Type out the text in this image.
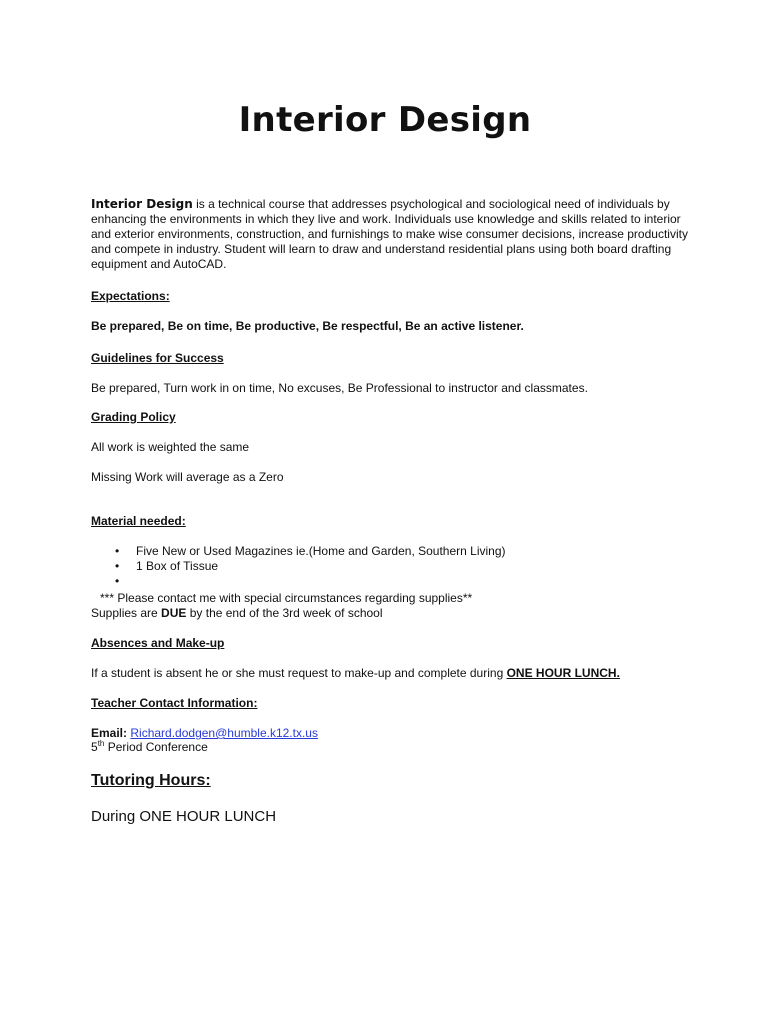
Interior Design

Interior Design is a technical course that addresses psychological and sociological need of individuals by enhancing the environments in which they live and work. Individuals use knowledge and skills related to interior and exterior environments, construction, and furnishings to make wise consumer decisions, increase productivity and compete in industry. Student will learn to draw and understand residential plans using both board drafting equipment and AutoCAD.

Expectations:

Be prepared, Be on time, Be productive, Be respectful, Be an active listener.

Guidelines for Success

Be prepared, Turn work in on time, No excuses, Be Professional to instructor and classmates.

Grading Policy

All work is weighted the same

Missing Work will average as a Zero

Material needed:

• Five New or Used Magazines ie.(Home and Garden, Southern Living)
• 1 Box of Tissue
•

*** Please contact me with special circumstances regarding supplies**

Supplies are DUE by the end of the 3rd week of school

Absences and Make-up

If a student is absent he or she must request to make-up and complete during ONE HOUR LUNCH.

Teacher Contact Information:

Email: Richard.dodgen@humble.k12.tx.us

5th Period Conference

Tutoring Hours:

During ONE HOUR LUNCH
